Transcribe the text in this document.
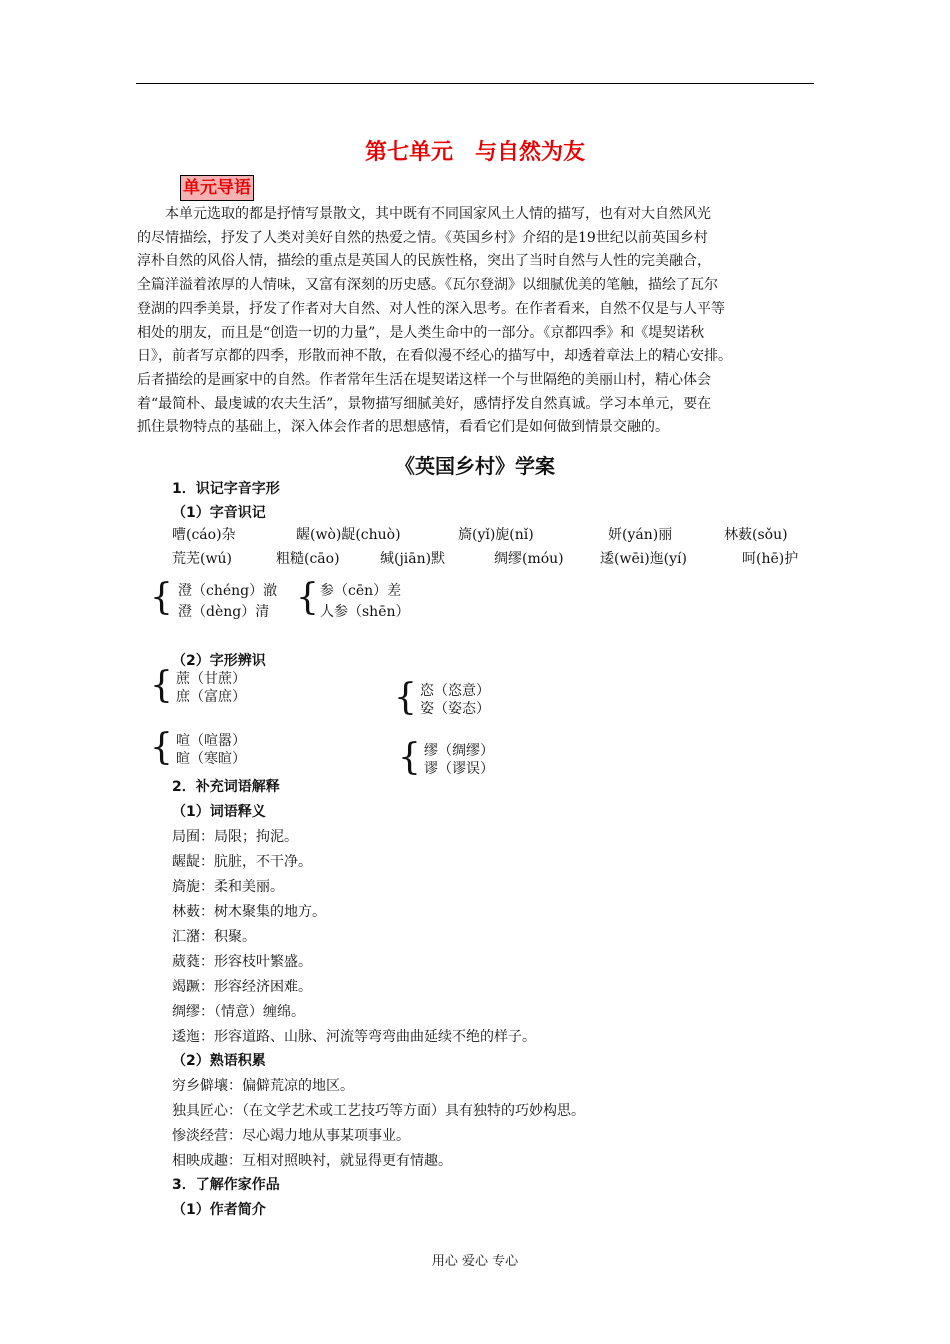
第七单元　与自然为友
单元导语
本单元选取的都是抒情写景散文，其中既有不同国家风土人情的描写，也有对大自然风光
的尽情描绘，抒发了人类对美好自然的热爱之情。《英国乡村》介绍的是19世纪以前英国乡村
淳朴自然的风俗人情，描绘的重点是英国人的民族性格，突出了当时自然与人性的完美融合，
全篇洋溢着浓厚的人情味，又富有深刻的历史感。《瓦尔登湖》以细腻优美的笔触，描绘了瓦尔
登湖的四季美景，抒发了作者对大自然、对人性的深入思考。在作者看来，自然不仅是与人平等
相处的朋友，而且是“创造一切的力量”，是人类生命中的一部分。《京都四季》和《堤契诺秋
日》，前者写京都的四季，形散而神不散，在看似漫不经心的描写中，却透着章法上的精心安排。
后者描绘的是画家中的自然。作者常年生活在堤契诺这样一个与世隔绝的美丽山村，精心体会
着“最简朴、最虔诚的农夫生活”，景物描写细腻美好，感情抒发自然真诚。学习本单元，要在
抓住景物特点的基础上，深入体会作者的思想感情，看看它们是如何做到情景交融的。
《英国乡村》学案
1．识记字音字形
（1）字音识记
嘈(cáo)杂	龌(wò)龊(chuò)	旖(yǐ)旎(nǐ)	妍(yán)丽	林薮(sǒu)
荒芜(wú)	粗糙(cāo)	缄(jiān)默	绸缪(móu)	逶(wēi)迤(yí)	呵(hē)护
{ 澄（chéng）澈
澄（dèng）清 { 参（cēn）差
人参（shēn）
（2）字形辨识
{ 蔗（甘蔗）
庶（富庶）	{ 恣（恣意）
姿（姿态）
{ 喧（喧嚣）
暄（寒暄）	{ 缪（绸缪）
谬（谬误）
2．补充词语解释
（1）词语释义
局囿：局限；拘泥。
龌龊：肮脏，不干净。
旖旎：柔和美丽。
林薮：树木聚集的地方。
汇潴：积聚。
葳蕤：形容枝叶繁盛。
竭蹶：形容经济困难。
绸缪：（情意）缠绵。
逶迤：形容道路、山脉、河流等弯弯曲曲延续不绝的样子。
（2）熟语积累
穷乡僻壤：偏僻荒凉的地区。
独具匠心：（在文学艺术或工艺技巧等方面）具有独特的巧妙构思。
惨淡经营：尽心竭力地从事某项事业。
相映成趣：互相对照映衬，就显得更有情趣。
3．了解作家作品
（1）作者简介
用心 爱心 专心
